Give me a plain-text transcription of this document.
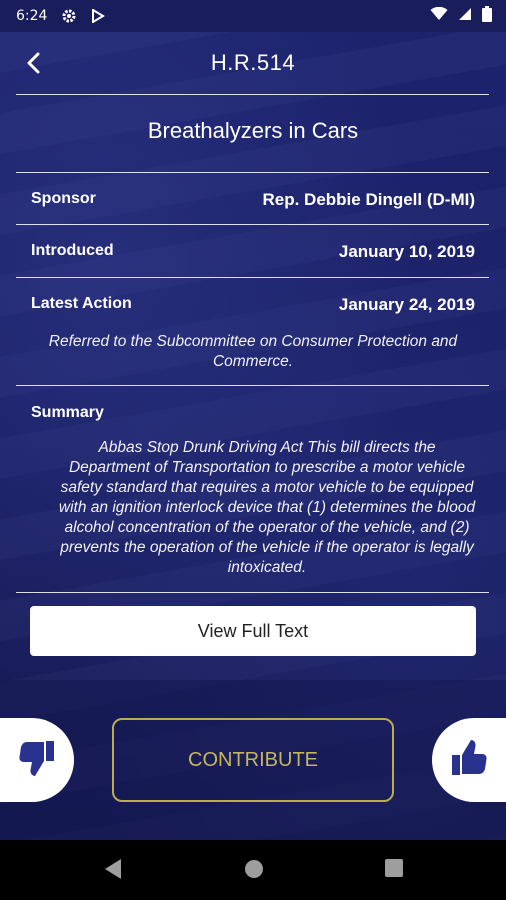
6:24
H.R.514
Breathalyzers in Cars
Sponsor	Rep. Debbie Dingell (D-MI)
Introduced	January 10, 2019
Latest Action	January 24, 2019
Referred to the Subcommittee on Consumer Protection and Commerce.
Summary
Abbas Stop Drunk Driving Act This bill directs the Department of Transportation to prescribe a motor vehicle safety standard that requires a motor vehicle to be equipped with an ignition interlock device that (1) determines the blood alcohol concentration of the operator of the vehicle, and (2) prevents the operation of the vehicle if the operator is legally intoxicated.
View Full Text
CONTRIBUTE
